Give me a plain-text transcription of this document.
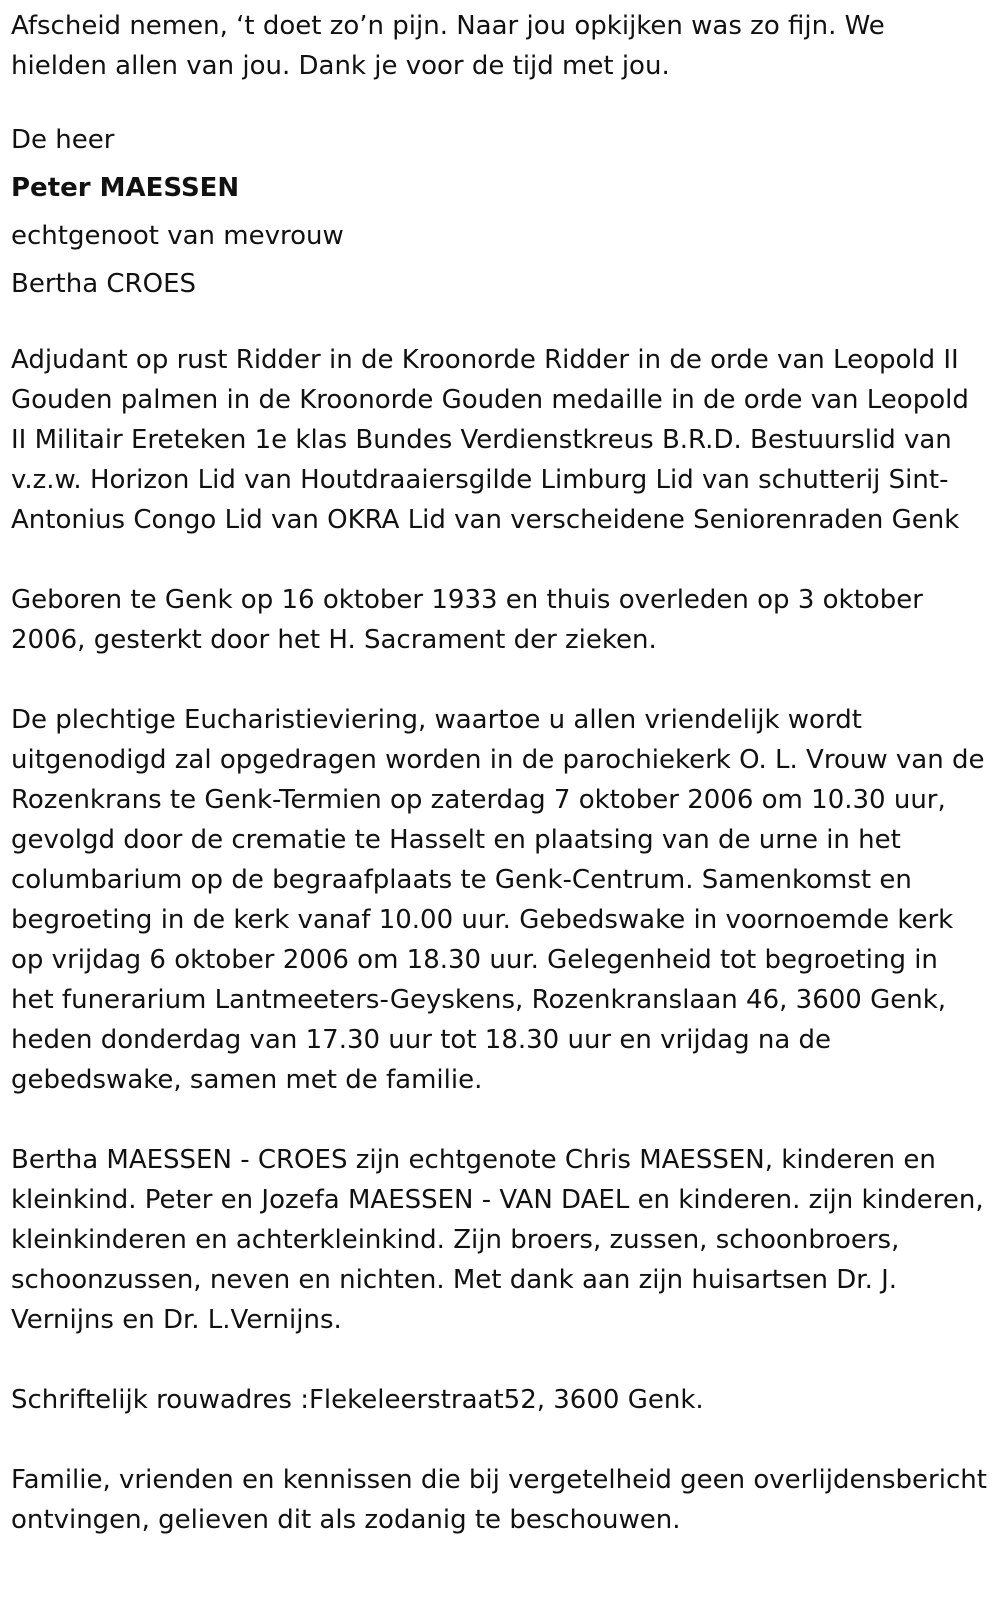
Afscheid nemen, ‘t doet zo’n pijn. Naar jou opkijken was zo fijn. We hielden allen van jou. Dank je voor de tijd met jou.

De heer

Peter MAESSEN

echtgenoot van mevrouw

Bertha CROES

Adjudant op rust Ridder in de Kroonorde Ridder in de orde van Leopold II Gouden palmen in de Kroonorde Gouden medaille in de orde van Leopold II Militair Ereteken 1e klas Bundes Verdienstkreus B.R.D. Bestuurslid van v.z.w. Horizon Lid van Houtdraaiersgilde Limburg Lid van schutterij Sint-Antonius Congo Lid van OKRA Lid van verscheidene Seniorenraden Genk

Geboren te Genk op 16 oktober 1933 en thuis overleden op 3 oktober 2006, gesterkt door het H. Sacrament der zieken.

De plechtige Eucharistieviering, waartoe u allen vriendelijk wordt uitgenodigd zal opgedragen worden in de parochiekerk O. L. Vrouw van de Rozenkrans te Genk-Termien op zaterdag 7 oktober 2006 om 10.30 uur, gevolgd door de crematie te Hasselt en plaatsing van de urne in het columbarium op de begraafplaats te Genk-Centrum. Samenkomst en begroeting in de kerk vanaf 10.00 uur. Gebedswake in voornoemde kerk op vrijdag 6 oktober 2006 om 18.30 uur. Gelegenheid tot begroeting in het funerarium Lantmeeters-Geyskens, Rozenkranslaan 46, 3600 Genk, heden donderdag van 17.30 uur tot 18.30 uur en vrijdag na de gebedswake, samen met de familie.

Bertha MAESSEN - CROES zijn echtgenote Chris MAESSEN, kinderen en kleinkind. Peter en Jozefa MAESSEN - VAN DAEL en kinderen. zijn kinderen, kleinkinderen en achterkleinkind. Zijn broers, zussen, schoonbroers, schoonzussen, neven en nichten. Met dank aan zijn huisartsen Dr. J. Vernijns en Dr. L.Vernijns.

Schriftelijk rouwadres :Flekeleerstraat52, 3600 Genk.

Familie, vrienden en kennissen die bij vergetelheid geen overlijdensbericht ontvingen, gelieven dit als zodanig te beschouwen.
